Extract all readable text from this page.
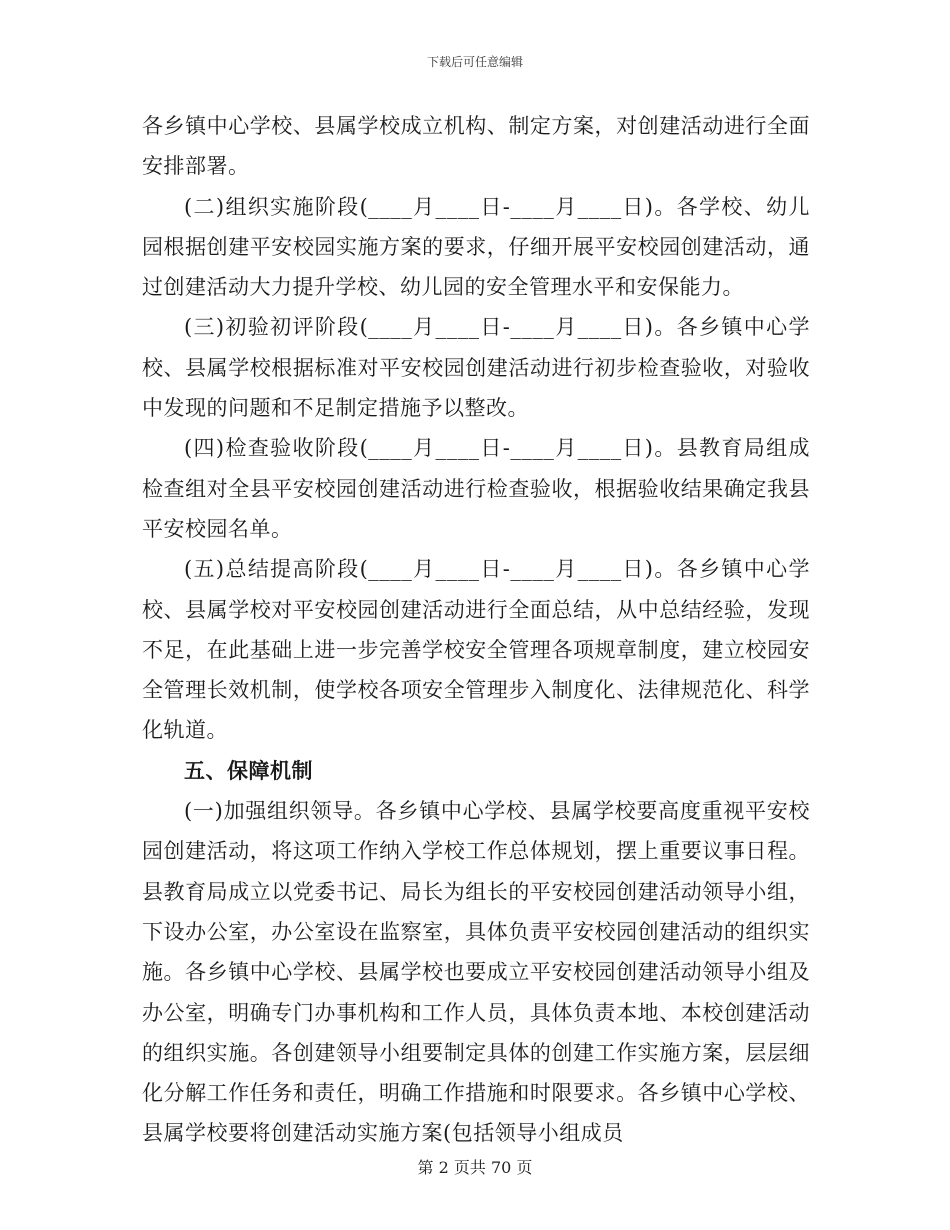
下载后可任意编辑

各乡镇中心学校、县属学校成立机构、制定方案，对创建活动进行全面安排部署。

(二)组织实施阶段(____月____日-____月____日)。各学校、幼儿园根据创建平安校园实施方案的要求，仔细开展平安校园创建活动，通过创建活动大力提升学校、幼儿园的安全管理水平和安保能力。

(三)初验初评阶段(____月____日-____月____日)。各乡镇中心学校、县属学校根据标准对平安校园创建活动进行初步检查验收，对验收中发现的问题和不足制定措施予以整改。

(四)检查验收阶段(____月____日-____月____日)。县教育局组成检查组对全县平安校园创建活动进行检查验收，根据验收结果确定我县平安校园名单。

(五)总结提高阶段(____月____日-____月____日)。各乡镇中心学校、县属学校对平安校园创建活动进行全面总结，从中总结经验，发现不足，在此基础上进一步完善学校安全管理各项规章制度，建立校园安全管理长效机制，使学校各项安全管理步入制度化、法律规范化、科学化轨道。

五、保障机制

(一)加强组织领导。各乡镇中心学校、县属学校要高度重视平安校园创建活动，将这项工作纳入学校工作总体规划，摆上重要议事日程。县教育局成立以党委书记、局长为组长的平安校园创建活动领导小组，下设办公室，办公室设在监察室，具体负责平安校园创建活动的组织实施。各乡镇中心学校、县属学校也要成立平安校园创建活动领导小组及办公室，明确专门办事机构和工作人员，具体负责本地、本校创建活动的组织实施。各创建领导小组要制定具体的创建工作实施方案，层层细化分解工作任务和责任，明确工作措施和时限要求。各乡镇中心学校、县属学校要将创建活动实施方案(包括领导小组成员

第 2 页共 70 页
